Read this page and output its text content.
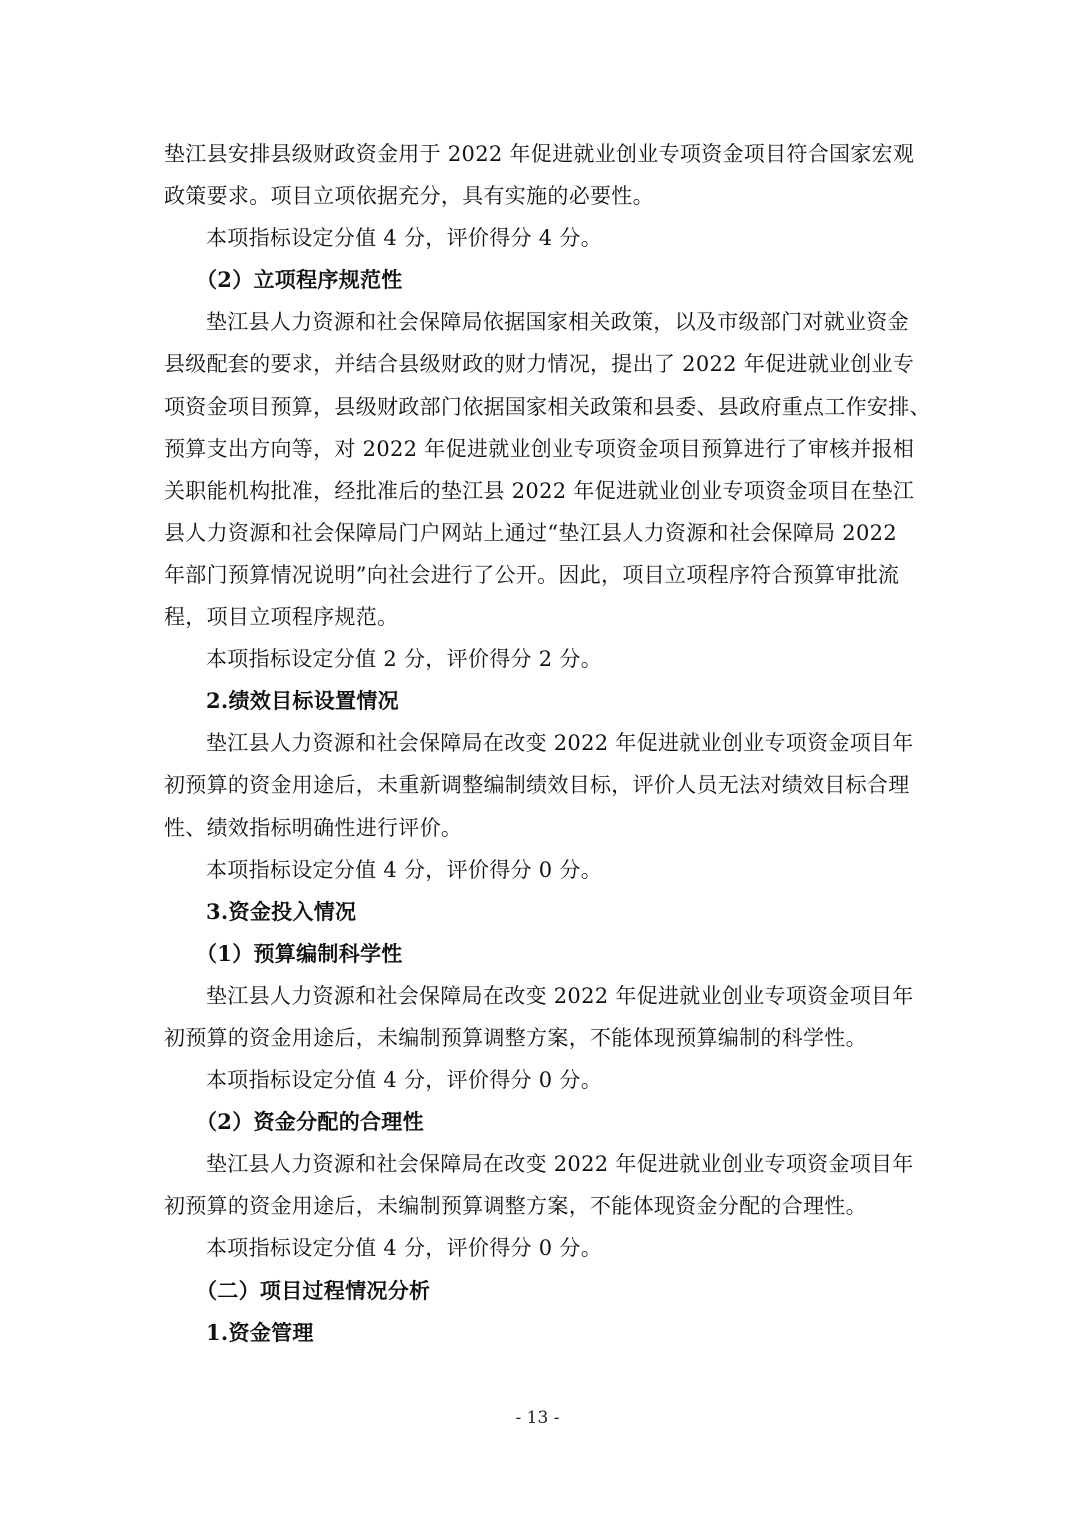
垫江县安排县级财政资金用于 2022 年促进就业创业专项资金项目符合国家宏观
政策要求。项目立项依据充分，具有实施的必要性。
本项指标设定分值 4 分，评价得分 4 分。
（2）立项程序规范性
垫江县人力资源和社会保障局依据国家相关政策，以及市级部门对就业资金
县级配套的要求，并结合县级财政的财力情况，提出了 2022 年促进就业创业专
项资金项目预算，县级财政部门依据国家相关政策和县委、县政府重点工作安排、
预算支出方向等，对 2022 年促进就业创业专项资金项目预算进行了审核并报相
关职能机构批准，经批准后的垫江县 2022 年促进就业创业专项资金项目在垫江
县人力资源和社会保障局门户网站上通过“垫江县人力资源和社会保障局 2022
年部门预算情况说明”向社会进行了公开。因此，项目立项程序符合预算审批流
程，项目立项程序规范。
本项指标设定分值 2 分，评价得分 2 分。
2.绩效目标设置情况
垫江县人力资源和社会保障局在改变 2022 年促进就业创业专项资金项目年
初预算的资金用途后，未重新调整编制绩效目标，评价人员无法对绩效目标合理
性、绩效指标明确性进行评价。
本项指标设定分值 4 分，评价得分 0 分。
3.资金投入情况
（1）预算编制科学性
垫江县人力资源和社会保障局在改变 2022 年促进就业创业专项资金项目年
初预算的资金用途后，未编制预算调整方案，不能体现预算编制的科学性。
本项指标设定分值 4 分，评价得分 0 分。
（2）资金分配的合理性
垫江县人力资源和社会保障局在改变 2022 年促进就业创业专项资金项目年
初预算的资金用途后，未编制预算调整方案，不能体现资金分配的合理性。
本项指标设定分值 4 分，评价得分 0 分。
（二）项目过程情况分析
1.资金管理
- 13 -
